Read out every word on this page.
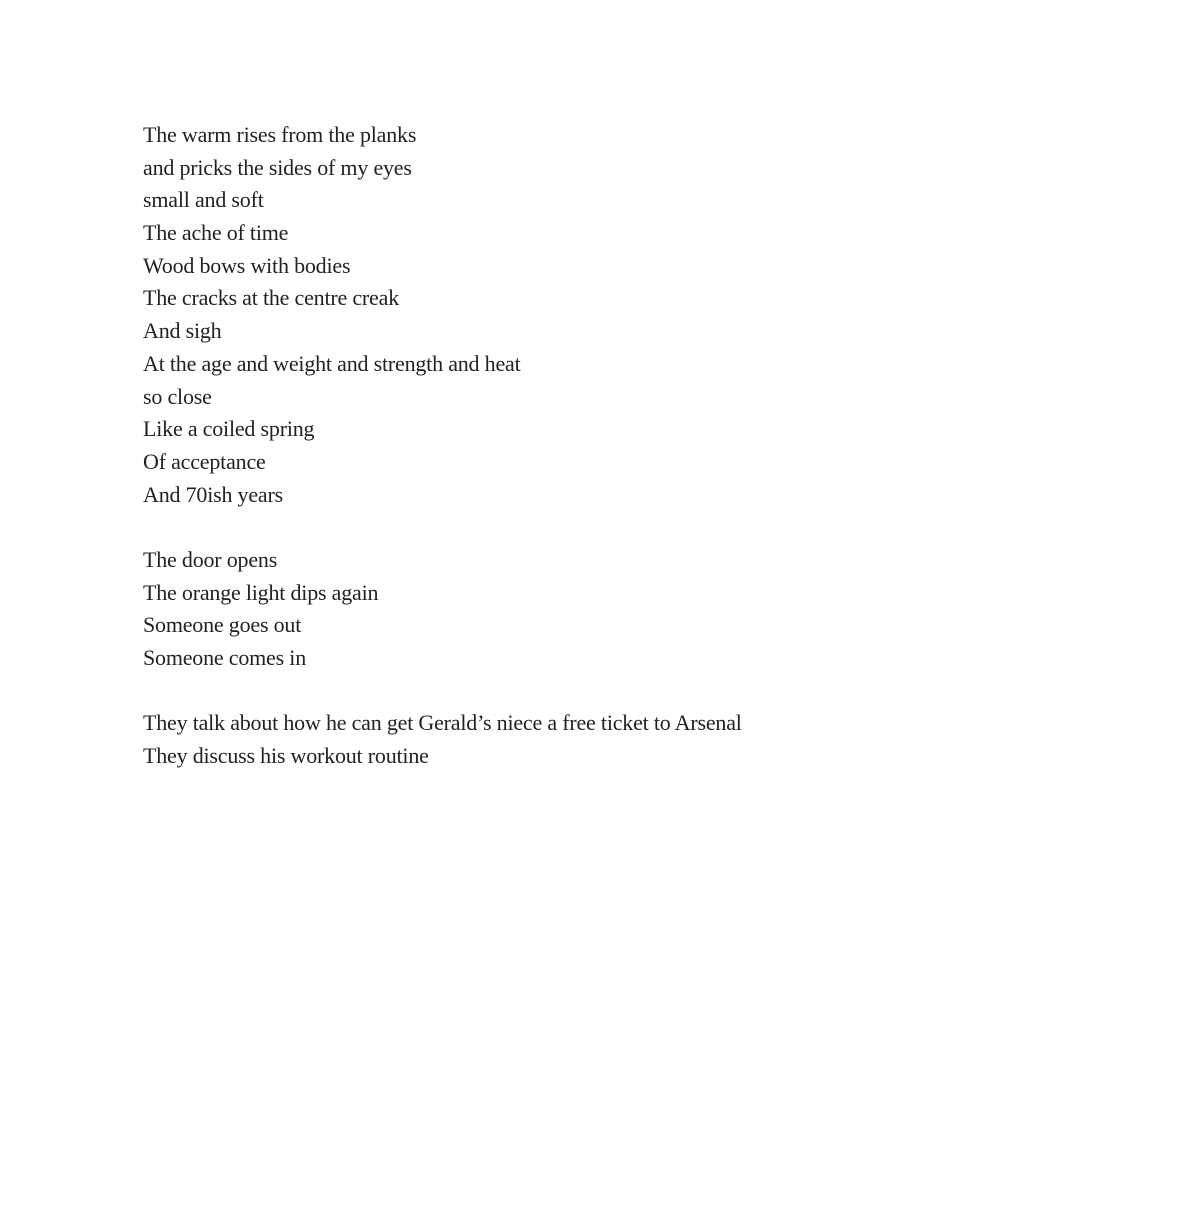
The warm rises from the planks
and pricks the sides of my eyes
small and soft
The ache of time
Wood bows with bodies
The cracks at the centre creak
And sigh
At the age and weight and strength and heat
so close
Like a coiled spring
Of acceptance
And 70ish years
The door opens
The orange light dips again
Someone goes out
Someone comes in
They talk about how he can get Gerald’s niece a free ticket to Arsenal
They discuss his workout routine
